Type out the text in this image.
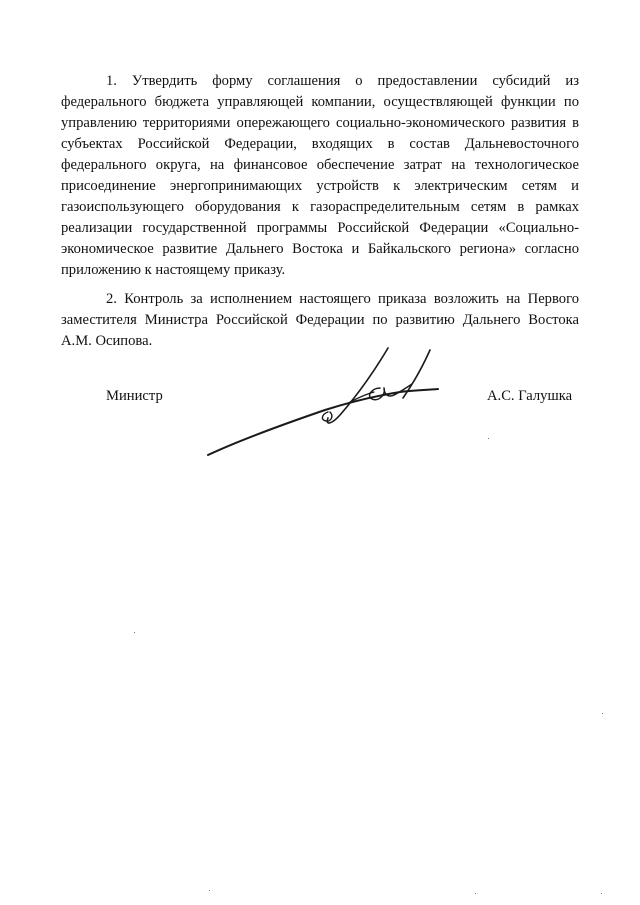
1. Утвердить форму соглашения о предоставлении субсидий из федерального бюджета управляющей компании, осуществляющей функции по управлению территориями опережающего социально-экономического развития в субъектах Российской Федерации, входящих в состав Дальневосточного федерального округа, на финансовое обеспечение затрат на технологическое присоединение энергопринимающих устройств к электрическим сетям и газоиспользующего оборудования к газораспределительным сетям в рамках реализации государственной программы Российской Федерации «Социально-экономическое развитие Дальнего Востока и Байкальского региона» согласно приложению к настоящему приказу.

2. Контроль за исполнением настоящего приказа возложить на Первого заместителя Министра Российской Федерации по развитию Дальнего Востока А.М. Осипова.

Министр	А.С. Галушка
